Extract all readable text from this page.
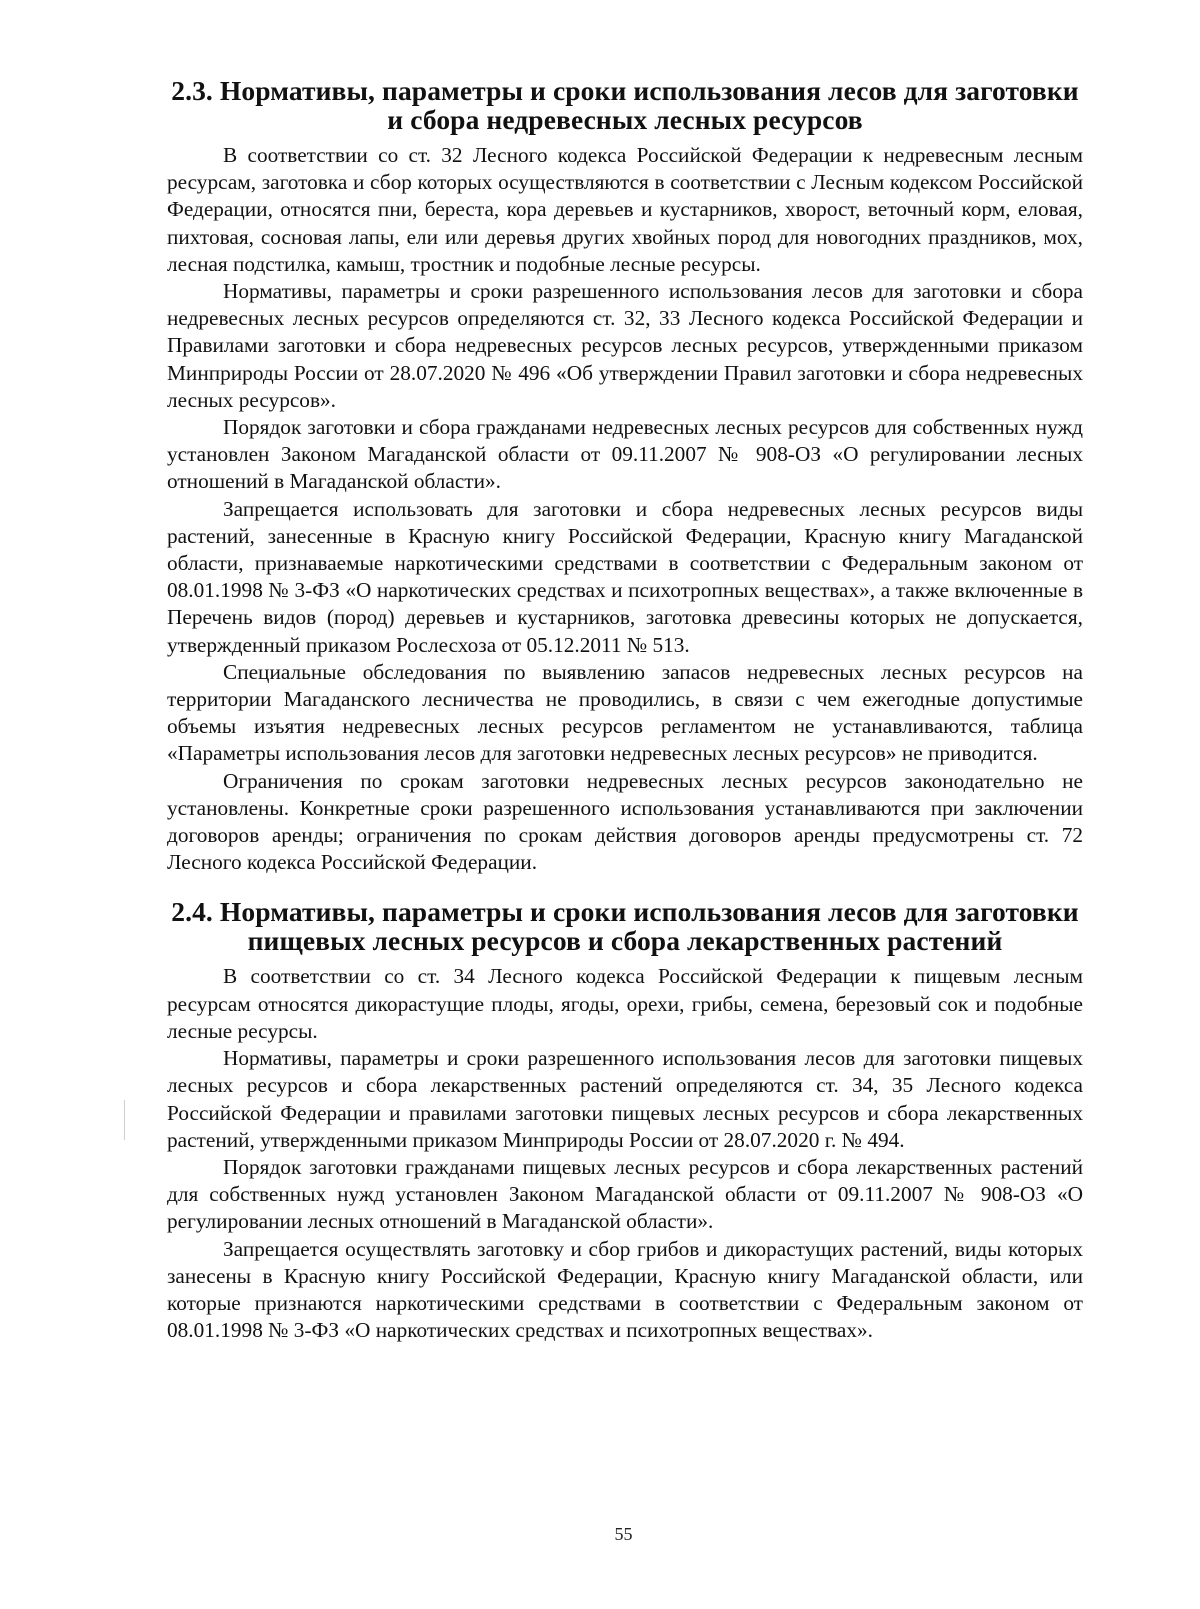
2.3. Нормативы, параметры и сроки использования лесов для заготовки
и сбора недревесных лесных ресурсов

В соответствии со ст. 32 Лесного кодекса Российской Федерации к недревесным лесным ресурсам, заготовка и сбор которых осуществляются в соответствии с Лесным кодексом Российской Федерации, относятся пни, береста, кора деревьев и кустарников, хворост, веточный корм, еловая, пихтовая, сосновая лапы, ели или деревья других хвойных пород для новогодних праздников, мох, лесная подстилка, камыш, тростник и подобные лесные ресурсы.

Нормативы, параметры и сроки разрешенного использования лесов для заготовки и сбора недревесных лесных ресурсов определяются ст. 32, 33 Лесного кодекса Российской Федерации и Правилами заготовки и сбора недревесных ресурсов лесных ресурсов, утвержденными приказом Минприроды России от 28.07.2020 № 496 «Об утверждении Правил заготовки и сбора недревесных лесных ресурсов».

Порядок заготовки и сбора гражданами недревесных лесных ресурсов для собственных нужд установлен Законом Магаданской области от 09.11.2007 № 908-ОЗ «О регулировании лесных отношений в Магаданской области».

Запрещается использовать для заготовки и сбора недревесных лесных ресурсов виды растений, занесенные в Красную книгу Российской Федерации, Красную книгу Магаданской области, признаваемые наркотическими средствами в соответствии с Федеральным законом от 08.01.1998 № 3-ФЗ «О наркотических средствах и психотропных веществах», а также включенные в Перечень видов (пород) деревьев и кустарников, заготовка древесины которых не допускается, утвержденный приказом Рослесхоза от 05.12.2011 № 513.

Специальные обследования по выявлению запасов недревесных лесных ресурсов на территории Магаданского лесничества не проводились, в связи с чем ежегодные допустимые объемы изъятия недревесных лесных ресурсов регламентом не устанавливаются, таблица «Параметры использования лесов для заготовки недревесных лесных ресурсов» не приводится.

Ограничения по срокам заготовки недревесных лесных ресурсов законодательно не установлены. Конкретные сроки разрешенного использования устанавливаются при заключении договоров аренды; ограничения по срокам действия договоров аренды предусмотрены ст. 72 Лесного кодекса Российской Федерации.

2.4. Нормативы, параметры и сроки использования лесов для заготовки
пищевых лесных ресурсов и сбора лекарственных растений

В соответствии со ст. 34 Лесного кодекса Российской Федерации к пищевым лесным ресурсам относятся дикорастущие плоды, ягоды, орехи, грибы, семена, березовый сок и подобные лесные ресурсы.

Нормативы, параметры и сроки разрешенного использования лесов для заготовки пищевых лесных ресурсов и сбора лекарственных растений определяются ст. 34, 35 Лесного кодекса Российской Федерации и правилами заготовки пищевых лесных ресурсов и сбора лекарственных растений, утвержденными приказом Минприроды России от 28.07.2020 г. № 494.

Порядок заготовки гражданами пищевых лесных ресурсов и сбора лекарственных растений для собственных нужд установлен Законом Магаданской области от 09.11.2007 № 908-ОЗ «О регулировании лесных отношений в Магаданской области».

Запрещается осуществлять заготовку и сбор грибов и дикорастущих растений, виды которых занесены в Красную книгу Российской Федерации, Красную книгу Магаданской области, или которые признаются наркотическими средствами в соответствии с Федеральным законом от 08.01.1998 № 3-ФЗ «О наркотических средствах и психотропных веществах».

55
